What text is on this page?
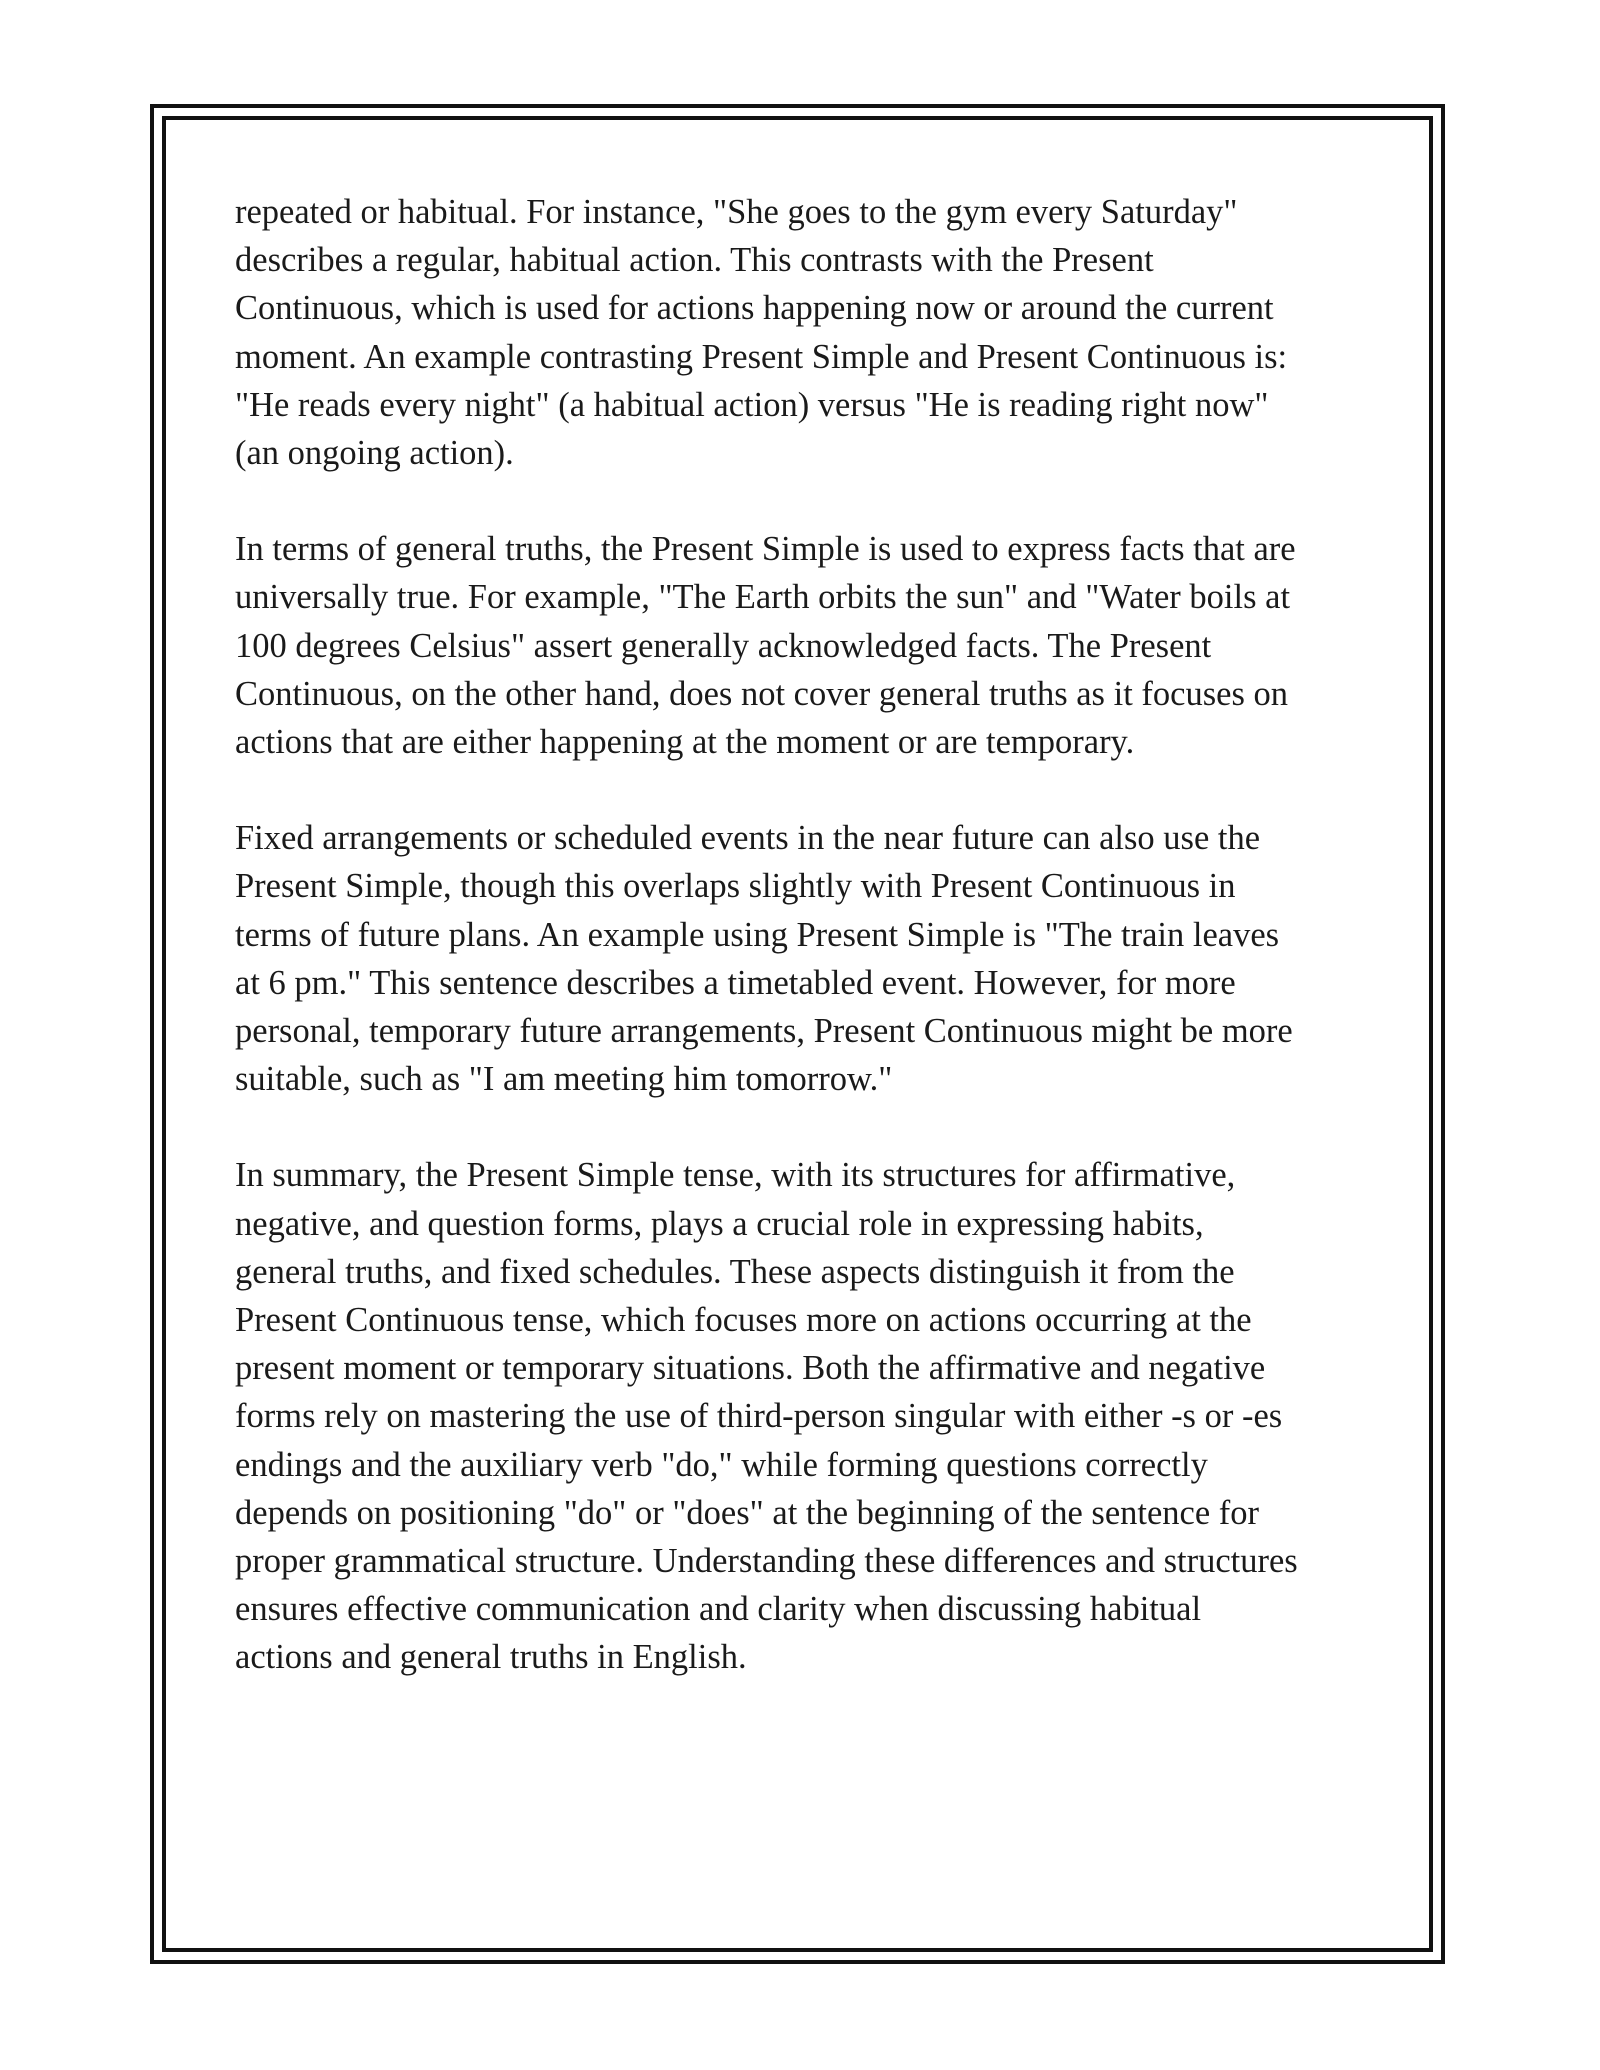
repeated or habitual. For instance, "She goes to the gym every Saturday"
describes a regular, habitual action. This contrasts with the Present
Continuous, which is used for actions happening now or around the current
moment. An example contrasting Present Simple and Present Continuous is:
"He reads every night" (a habitual action) versus "He is reading right now"
(an ongoing action).

In terms of general truths, the Present Simple is used to express facts that are
universally true. For example, "The Earth orbits the sun" and "Water boils at
100 degrees Celsius" assert generally acknowledged facts. The Present
Continuous, on the other hand, does not cover general truths as it focuses on
actions that are either happening at the moment or are temporary.

Fixed arrangements or scheduled events in the near future can also use the
Present Simple, though this overlaps slightly with Present Continuous in
terms of future plans. An example using Present Simple is "The train leaves
at 6 pm." This sentence describes a timetabled event. However, for more
personal, temporary future arrangements, Present Continuous might be more
suitable, such as "I am meeting him tomorrow."

In summary, the Present Simple tense, with its structures for affirmative,
negative, and question forms, plays a crucial role in expressing habits,
general truths, and fixed schedules. These aspects distinguish it from the
Present Continuous tense, which focuses more on actions occurring at the
present moment or temporary situations. Both the affirmative and negative
forms rely on mastering the use of third-person singular with either -s or -es
endings and the auxiliary verb "do," while forming questions correctly
depends on positioning "do" or "does" at the beginning of the sentence for
proper grammatical structure. Understanding these differences and structures
ensures effective communication and clarity when discussing habitual
actions and general truths in English.
